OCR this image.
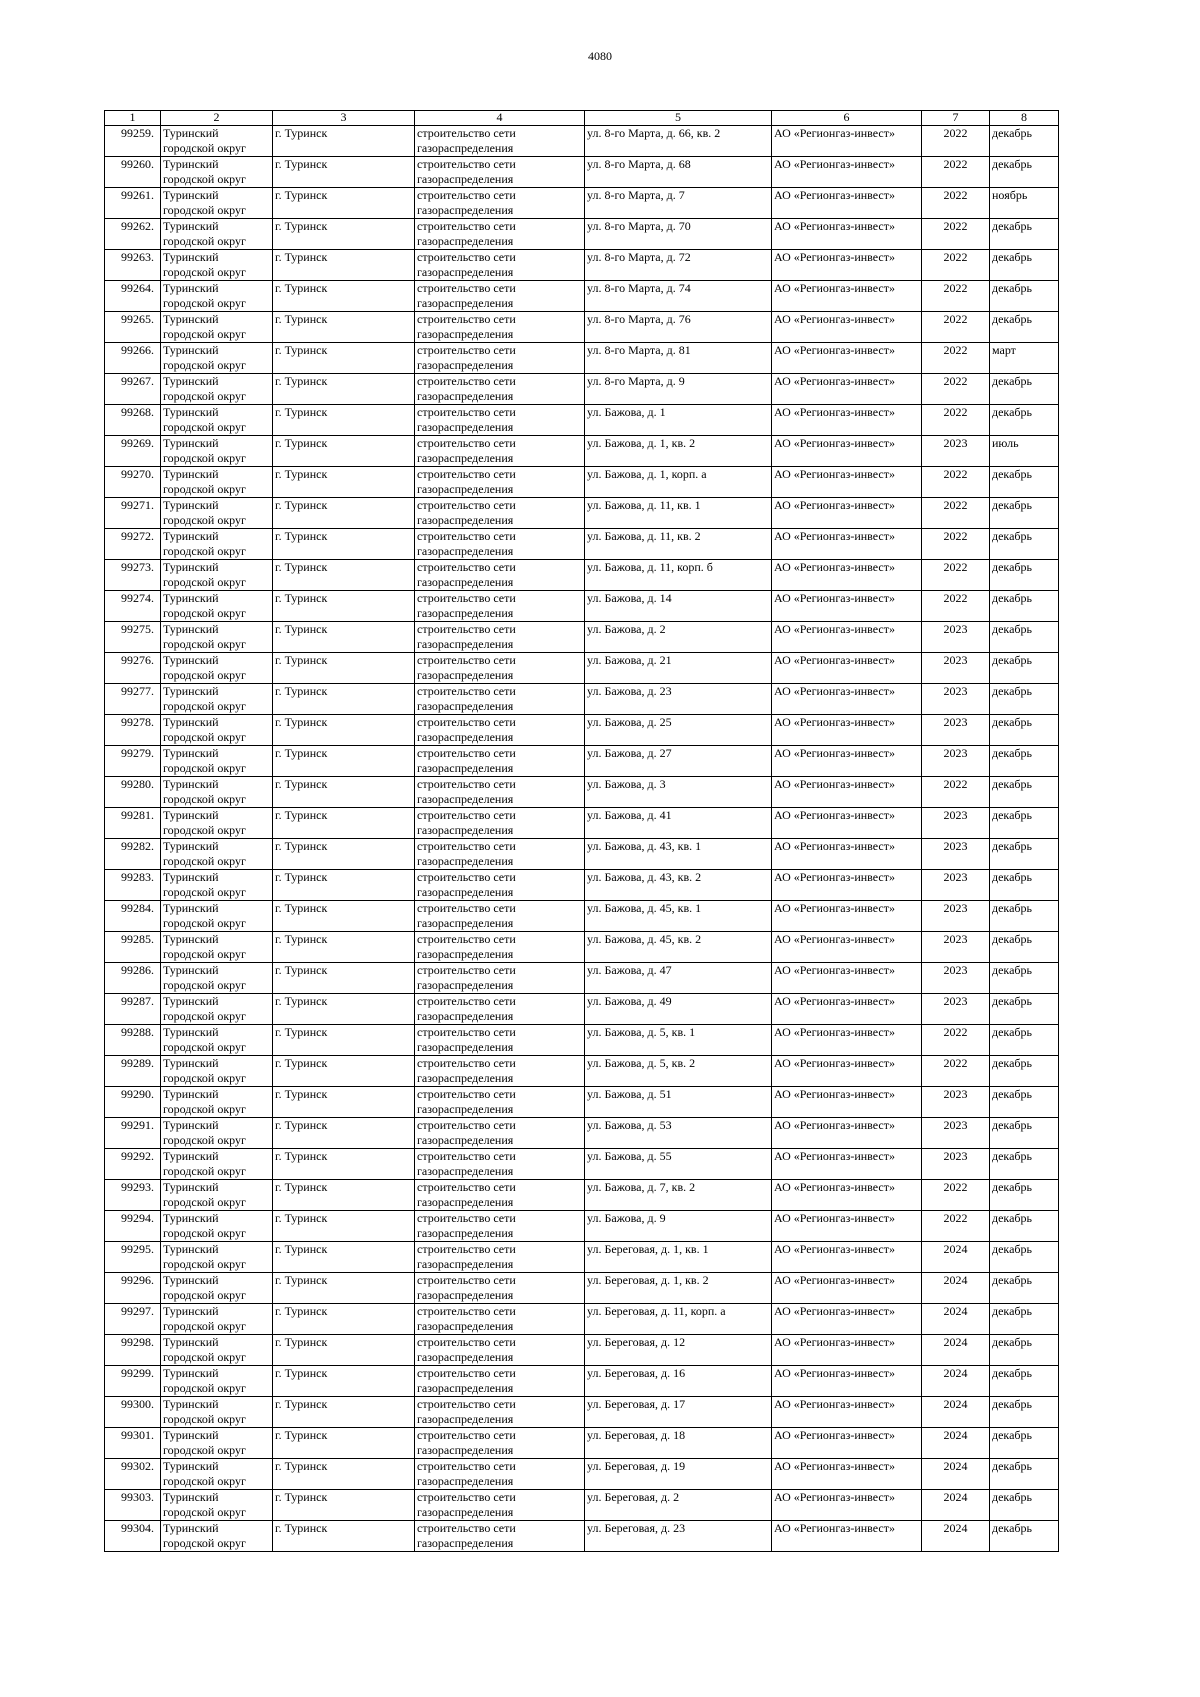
4080
1	2	3	4	5	6	7	8

99259.	Туринский
городской округ	г. Туринск	строительство сети
газораспределения	ул. 8-го Марта, д. 66, кв. 2	АО «Регионгаз-инвест»	2022	декабрь

99260.	Туринский
городской округ	г. Туринск	строительство сети
газораспределения	ул. 8-го Марта, д. 68	АО «Регионгаз-инвест»	2022	декабрь

99261.	Туринский
городской округ	г. Туринск	строительство сети
газораспределения	ул. 8-го Марта, д. 7	АО «Регионгаз-инвест»	2022	ноябрь

99262.	Туринский
городской округ	г. Туринск	строительство сети
газораспределения	ул. 8-го Марта, д. 70	АО «Регионгаз-инвест»	2022	декабрь

99263.	Туринский
городской округ	г. Туринск	строительство сети
газораспределения	ул. 8-го Марта, д. 72	АО «Регионгаз-инвест»	2022	декабрь

99264.	Туринский
городской округ	г. Туринск	строительство сети
газораспределения	ул. 8-го Марта, д. 74	АО «Регионгаз-инвест»	2022	декабрь

99265.	Туринский
городской округ	г. Туринск	строительство сети
газораспределения	ул. 8-го Марта, д. 76	АО «Регионгаз-инвест»	2022	декабрь

99266.	Туринский
городской округ	г. Туринск	строительство сети
газораспределения	ул. 8-го Марта, д. 81	АО «Регионгаз-инвест»	2022	март

99267.	Туринский
городской округ	г. Туринск	строительство сети
газораспределения	ул. 8-го Марта, д. 9	АО «Регионгаз-инвест»	2022	декабрь

99268.	Туринский
городской округ	г. Туринск	строительство сети
газораспределения	ул. Бажова, д. 1	АО «Регионгаз-инвест»	2022	декабрь

99269.	Туринский
городской округ	г. Туринск	строительство сети
газораспределения	ул. Бажова, д. 1, кв. 2	АО «Регионгаз-инвест»	2023	июль

99270.	Туринский
городской округ	г. Туринск	строительство сети
газораспределения	ул. Бажова, д. 1, корп. а	АО «Регионгаз-инвест»	2022	декабрь

99271.	Туринский
городской округ	г. Туринск	строительство сети
газораспределения	ул. Бажова, д. 11, кв. 1	АО «Регионгаз-инвест»	2022	декабрь

99272.	Туринский
городской округ	г. Туринск	строительство сети
газораспределения	ул. Бажова, д. 11, кв. 2	АО «Регионгаз-инвест»	2022	декабрь

99273.	Туринский
городской округ	г. Туринск	строительство сети
газораспределения	ул. Бажова, д. 11, корп. б	АО «Регионгаз-инвест»	2022	декабрь

99274.	Туринский
городской округ	г. Туринск	строительство сети
газораспределения	ул. Бажова, д. 14	АО «Регионгаз-инвест»	2022	декабрь

99275.	Туринский
городской округ	г. Туринск	строительство сети
газораспределения	ул. Бажова, д. 2	АО «Регионгаз-инвест»	2023	декабрь

99276.	Туринский
городской округ	г. Туринск	строительство сети
газораспределения	ул. Бажова, д. 21	АО «Регионгаз-инвест»	2023	декабрь

99277.	Туринский
городской округ	г. Туринск	строительство сети
газораспределения	ул. Бажова, д. 23	АО «Регионгаз-инвест»	2023	декабрь

99278.	Туринский
городской округ	г. Туринск	строительство сети
газораспределения	ул. Бажова, д. 25	АО «Регионгаз-инвест»	2023	декабрь

99279.	Туринский
городской округ	г. Туринск	строительство сети
газораспределения	ул. Бажова, д. 27	АО «Регионгаз-инвест»	2023	декабрь

99280.	Туринский
городской округ	г. Туринск	строительство сети
газораспределения	ул. Бажова, д. 3	АО «Регионгаз-инвест»	2022	декабрь

99281.	Туринский
городской округ	г. Туринск	строительство сети
газораспределения	ул. Бажова, д. 41	АО «Регионгаз-инвест»	2023	декабрь

99282.	Туринский
городской округ	г. Туринск	строительство сети
газораспределения	ул. Бажова, д. 43, кв. 1	АО «Регионгаз-инвест»	2023	декабрь

99283.	Туринский
городской округ	г. Туринск	строительство сети
газораспределения	ул. Бажова, д. 43, кв. 2	АО «Регионгаз-инвест»	2023	декабрь

99284.	Туринский
городской округ	г. Туринск	строительство сети
газораспределения	ул. Бажова, д. 45, кв. 1	АО «Регионгаз-инвест»	2023	декабрь

99285.	Туринский
городской округ	г. Туринск	строительство сети
газораспределения	ул. Бажова, д. 45, кв. 2	АО «Регионгаз-инвест»	2023	декабрь

99286.	Туринский
городской округ	г. Туринск	строительство сети
газораспределения	ул. Бажова, д. 47	АО «Регионгаз-инвест»	2023	декабрь

99287.	Туринский
городской округ	г. Туринск	строительство сети
газораспределения	ул. Бажова, д. 49	АО «Регионгаз-инвест»	2023	декабрь

99288.	Туринский
городской округ	г. Туринск	строительство сети
газораспределения	ул. Бажова, д. 5, кв. 1	АО «Регионгаз-инвест»	2022	декабрь

99289.	Туринский
городской округ	г. Туринск	строительство сети
газораспределения	ул. Бажова, д. 5, кв. 2	АО «Регионгаз-инвест»	2022	декабрь

99290.	Туринский
городской округ	г. Туринск	строительство сети
газораспределения	ул. Бажова, д. 51	АО «Регионгаз-инвест»	2023	декабрь

99291.	Туринский
городской округ	г. Туринск	строительство сети
газораспределения	ул. Бажова, д. 53	АО «Регионгаз-инвест»	2023	декабрь

99292.	Туринский
городской округ	г. Туринск	строительство сети
газораспределения	ул. Бажова, д. 55	АО «Регионгаз-инвест»	2023	декабрь

99293.	Туринский
городской округ	г. Туринск	строительство сети
газораспределения	ул. Бажова, д. 7, кв. 2	АО «Регионгаз-инвест»	2022	декабрь

99294.	Туринский
городской округ	г. Туринск	строительство сети
газораспределения	ул. Бажова, д. 9	АО «Регионгаз-инвест»	2022	декабрь

99295.	Туринский
городской округ	г. Туринск	строительство сети
газораспределения	ул. Береговая, д. 1, кв. 1	АО «Регионгаз-инвест»	2024	декабрь

99296.	Туринский
городской округ	г. Туринск	строительство сети
газораспределения	ул. Береговая, д. 1, кв. 2	АО «Регионгаз-инвест»	2024	декабрь

99297.	Туринский
городской округ	г. Туринск	строительство сети
газораспределения	ул. Береговая, д. 11, корп. а	АО «Регионгаз-инвест»	2024	декабрь

99298.	Туринский
городской округ	г. Туринск	строительство сети
газораспределения	ул. Береговая, д. 12	АО «Регионгаз-инвест»	2024	декабрь

99299.	Туринский
городской округ	г. Туринск	строительство сети
газораспределения	ул. Береговая, д. 16	АО «Регионгаз-инвест»	2024	декабрь

99300.	Туринский
городской округ	г. Туринск	строительство сети
газораспределения	ул. Береговая, д. 17	АО «Регионгаз-инвест»	2024	декабрь

99301.	Туринский
городской округ	г. Туринск	строительство сети
газораспределения	ул. Береговая, д. 18	АО «Регионгаз-инвест»	2024	декабрь

99302.	Туринский
городской округ	г. Туринск	строительство сети
газораспределения	ул. Береговая, д. 19	АО «Регионгаз-инвест»	2024	декабрь

99303.	Туринский
городской округ	г. Туринск	строительство сети
газораспределения	ул. Береговая, д. 2	АО «Регионгаз-инвест»	2024	декабрь

99304.	Туринский
городской округ	г. Туринск	строительство сети
газораспределения	ул. Береговая, д. 23	АО «Регионгаз-инвест»	2024	декабрь
